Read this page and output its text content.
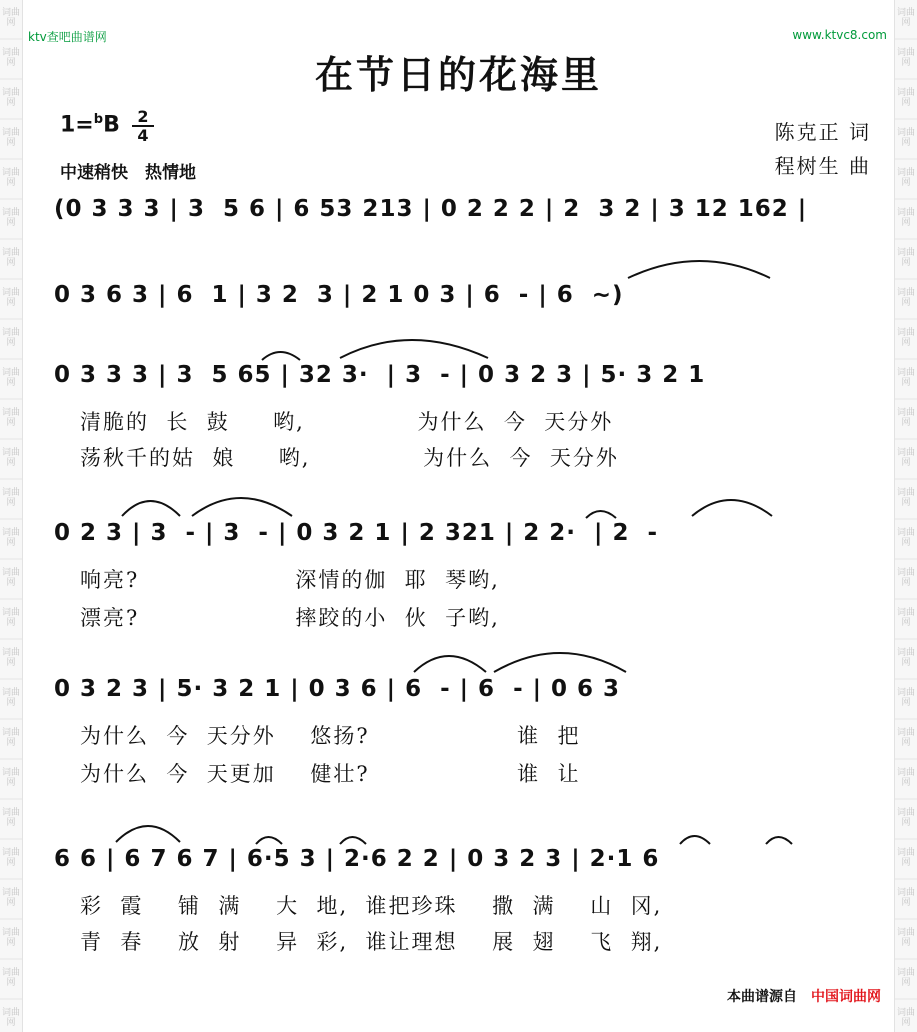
词曲网
词曲网
词曲网
词曲网
词曲网
词曲网
词曲网
词曲网
词曲网
词曲网
词曲网
词曲网
词曲网
词曲网
词曲网
词曲网
词曲网
词曲网
词曲网
词曲网
词曲网
词曲网
词曲网
词曲网
词曲网
词曲网
词曲网
词曲网
词曲网
词曲网
词曲网
词曲网
词曲网
词曲网
词曲网
词曲网
词曲网
词曲网
词曲网
词曲网
词曲网
词曲网
词曲网
词曲网
词曲网
词曲网
词曲网
词曲网
词曲网
词曲网
词曲网
词曲网
ktv查吧曲谱网	www.ktvc8.com
在节日的花海里
1=$^b$B	2
4
中速稍快　热情地
陈克正 词
程树生 曲
(0 3 3 3 | 3  5 6 | 6 53 213 | 0 2 2 2 | 2  3 2 | 3 12 162 |
0 3 6 3 | 6  1 | 3 2  3 | 2 1 0 3 | 6  - | 6  ~)
0 3 3 3 | 3  5 65 | 32 3·  | 3  - | 0 3 2 3 | 5· 3 2 1
清脆的  长  鼓     哟,             为什么  今  天分外
荡秋千的姑  娘     哟,             为什么  今  天分外
0 2 3 | 3  - | 3  - | 0 3 2 1 | 2 321 | 2 2·  | 2  -
响亮?                  深情的伽  耶  琴哟,
漂亮?                  摔跤的小  伙  子哟,
0 3 2 3 | 5· 3 2 1 | 0 3 6 | 6  - | 6  - | 0 6 3
为什么  今  天分外    悠扬?                 谁  把
为什么  今  天更加    健壮?                 谁  让
6 6 | 6 7 6 7 | 6·5 3 | 2·6 2 2 | 0 3 2 3 | 2·1 6
彩  霞    铺  满    大  地,  谁把珍珠    撒  满    山  冈,
青  春    放  射    异  彩,  谁让理想    展  翅    飞  翔,
本曲谱源自 中国词曲网
